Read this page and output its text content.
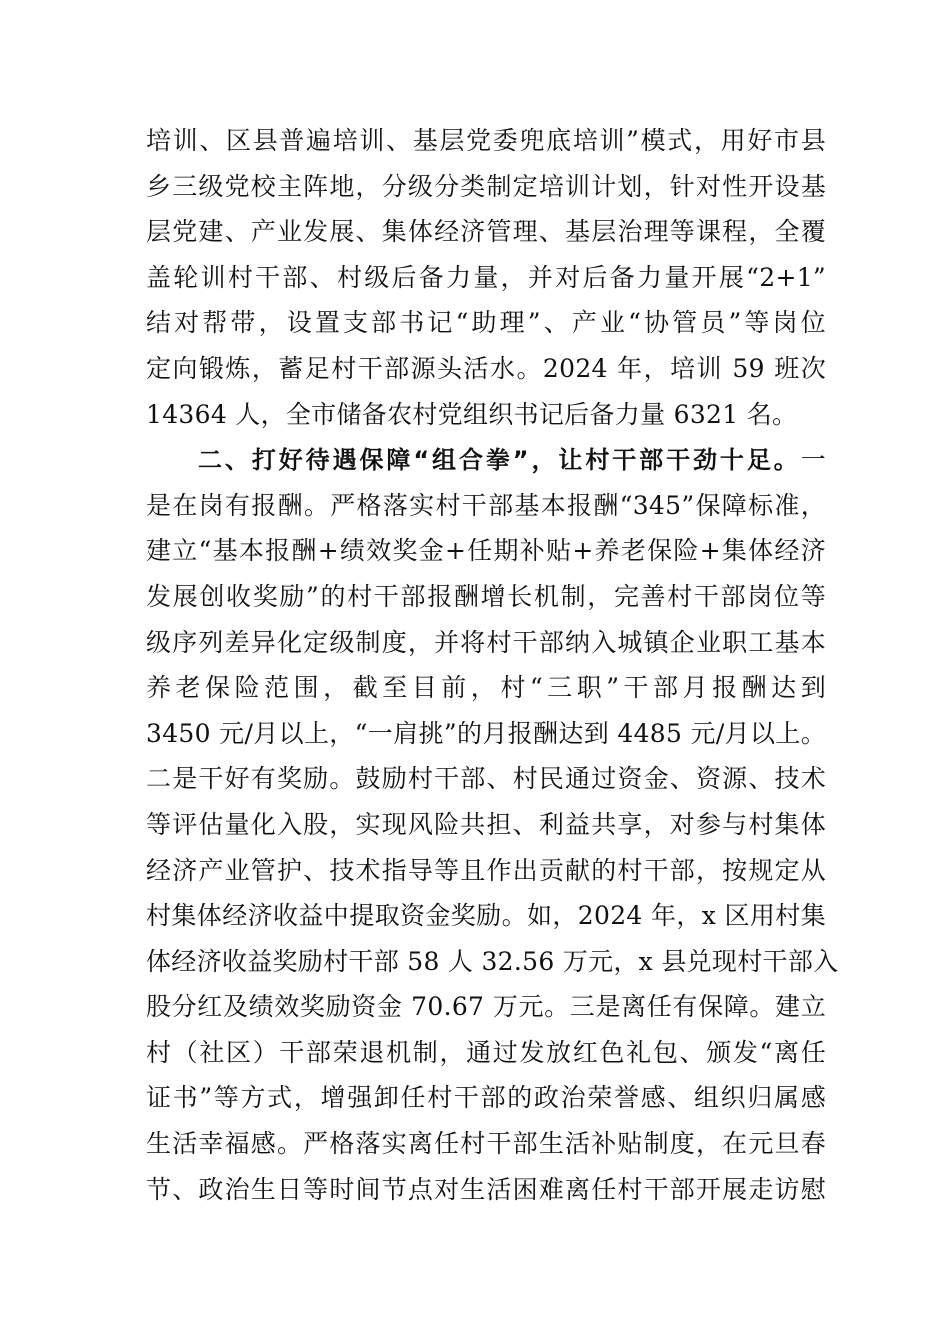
培训、区县普遍培训、基层党委兜底培训”模式，用好市县
乡三级党校主阵地，分级分类制定培训计划，针对性开设基
层党建、产业发展、集体经济管理、基层治理等课程，全覆
盖轮训村干部、村级后备力量，并对后备力量开展“2+1”
结对帮带，设置支部书记“助理”、产业“协管员”等岗位
定向锻炼，蓄足村干部源头活水。2024 年，培训 59 班次
14364 人，全市储备农村党组织书记后备力量 6321 名。
二、打好待遇保障“组合拳”，让村干部干劲十足。一
是在岗有报酬。严格落实村干部基本报酬“345”保障标准，
建立“基本报酬+绩效奖金+任期补贴+养老保险+集体经济
发展创收奖励”的村干部报酬增长机制，完善村干部岗位等
级序列差异化定级制度，并将村干部纳入城镇企业职工基本
养老保险范围，截至目前，村“三职”干部月报酬达到
3450 元/月以上，“一肩挑”的月报酬达到 4485 元/月以上。
二是干好有奖励。鼓励村干部、村民通过资金、资源、技术
等评估量化入股，实现风险共担、利益共享，对参与村集体
经济产业管护、技术指导等且作出贡献的村干部，按规定从
村集体经济收益中提取资金奖励。如，2024 年，x 区用村集
体经济收益奖励村干部 58 人 32.56 万元，x 县兑现村干部入
股分红及绩效奖励资金 70.67 万元。三是离任有保障。建立
村（社区）干部荣退机制，通过发放红色礼包、颁发“离任
证书”等方式，增强卸任村干部的政治荣誉感、组织归属感
生活幸福感。严格落实离任村干部生活补贴制度，在元旦春
节、政治生日等时间节点对生活困难离任村干部开展走访慰
